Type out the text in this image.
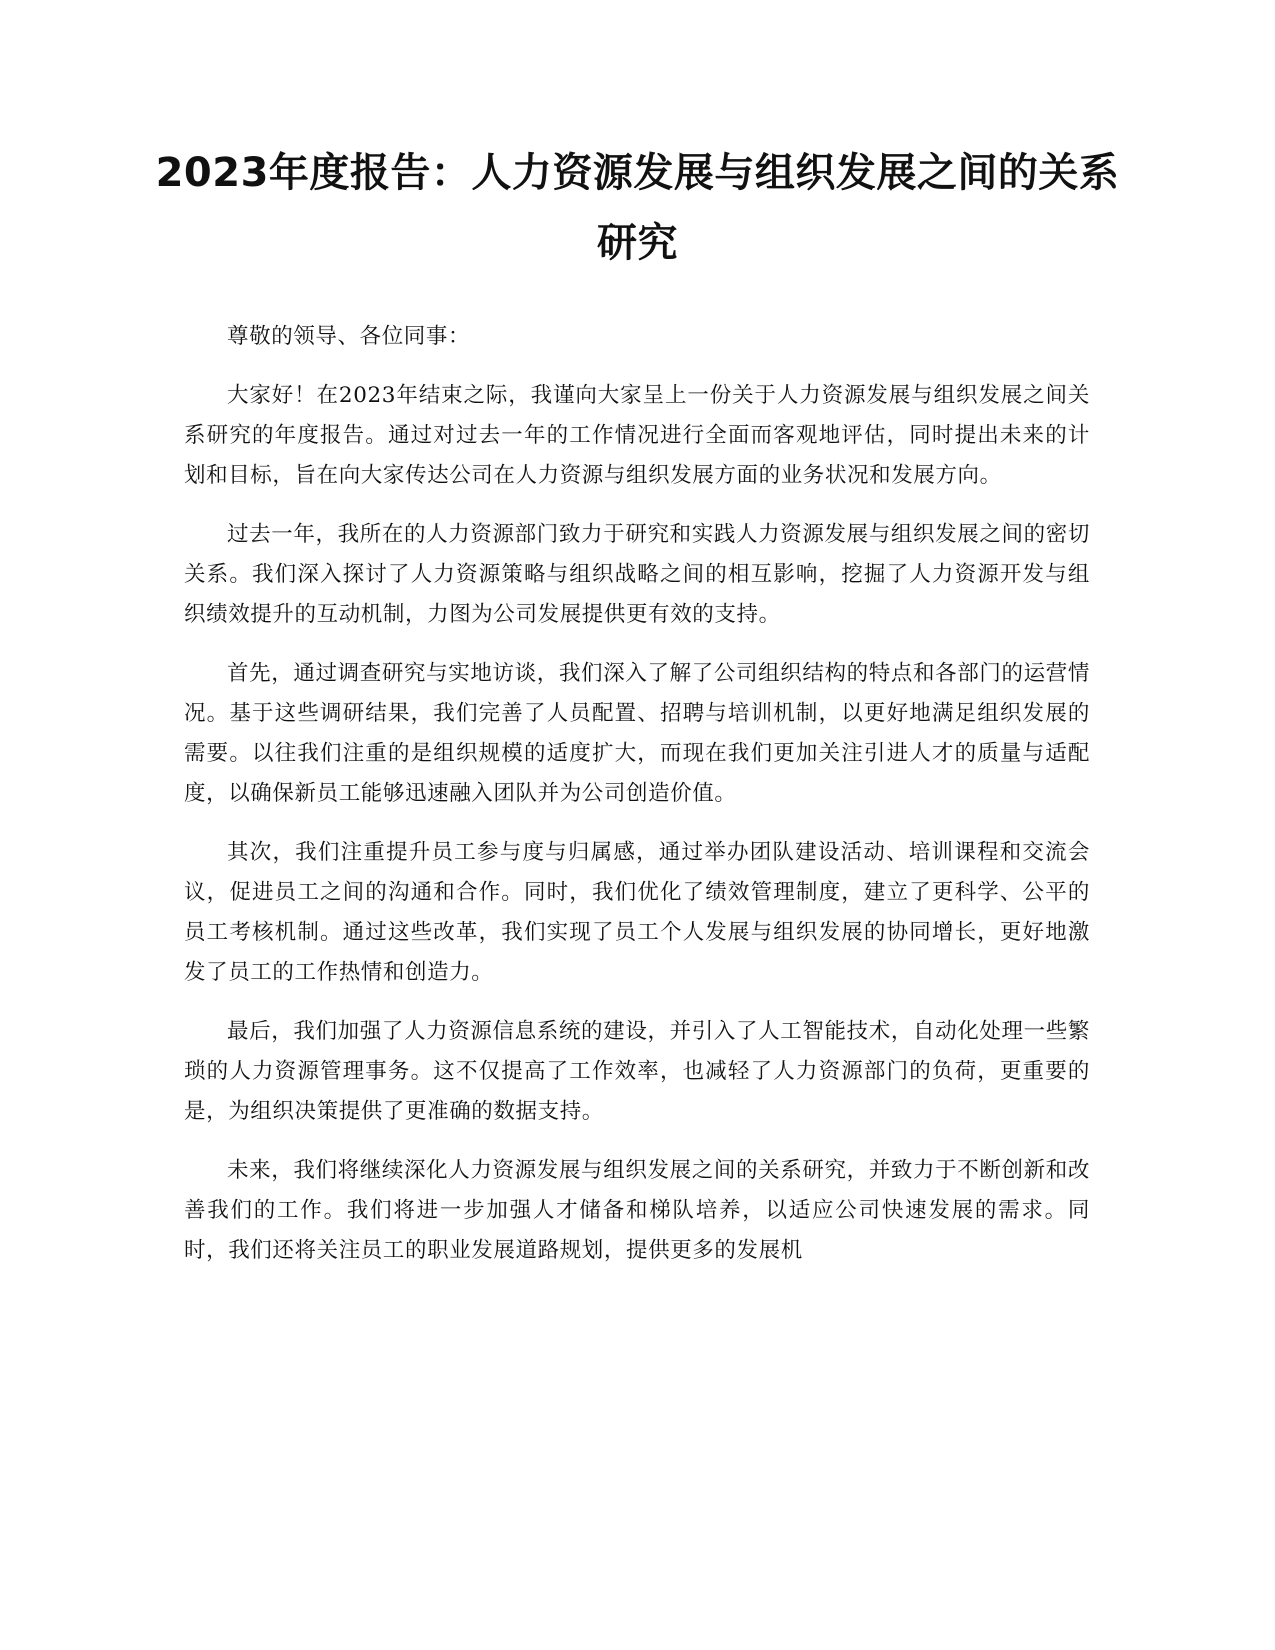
2023年度报告：人力资源发展与组织发展之间的关系研究

尊敬的领导、各位同事：

大家好！在2023年结束之际，我谨向大家呈上一份关于人力资源发展与组织发展之间关系研究的年度报告。通过对过去一年的工作情况进行全面而客观地评估，同时提出未来的计划和目标，旨在向大家传达公司在人力资源与组织发展方面的业务状况和发展方向。

过去一年，我所在的人力资源部门致力于研究和实践人力资源发展与组织发展之间的密切关系。我们深入探讨了人力资源策略与组织战略之间的相互影响，挖掘了人力资源开发与组织绩效提升的互动机制，力图为公司发展提供更有效的支持。

首先，通过调查研究与实地访谈，我们深入了解了公司组织结构的特点和各部门的运营情况。基于这些调研结果，我们完善了人员配置、招聘与培训机制，以更好地满足组织发展的需要。以往我们注重的是组织规模的适度扩大，而现在我们更加关注引进人才的质量与适配度，以确保新员工能够迅速融入团队并为公司创造价值。

其次，我们注重提升员工参与度与归属感，通过举办团队建设活动、培训课程和交流会议，促进员工之间的沟通和合作。同时，我们优化了绩效管理制度，建立了更科学、公平的员工考核机制。通过这些改革，我们实现了员工个人发展与组织发展的协同增长，更好地激发了员工的工作热情和创造力。

最后，我们加强了人力资源信息系统的建设，并引入了人工智能技术，自动化处理一些繁琐的人力资源管理事务。这不仅提高了工作效率，也减轻了人力资源部门的负荷，更重要的是，为组织决策提供了更准确的数据支持。

未来，我们将继续深化人力资源发展与组织发展之间的关系研究，并致力于不断创新和改善我们的工作。我们将进一步加强人才储备和梯队培养，以适应公司快速发展的需求。同时，我们还将关注员工的职业发展道路规划，提供更多的发展机
